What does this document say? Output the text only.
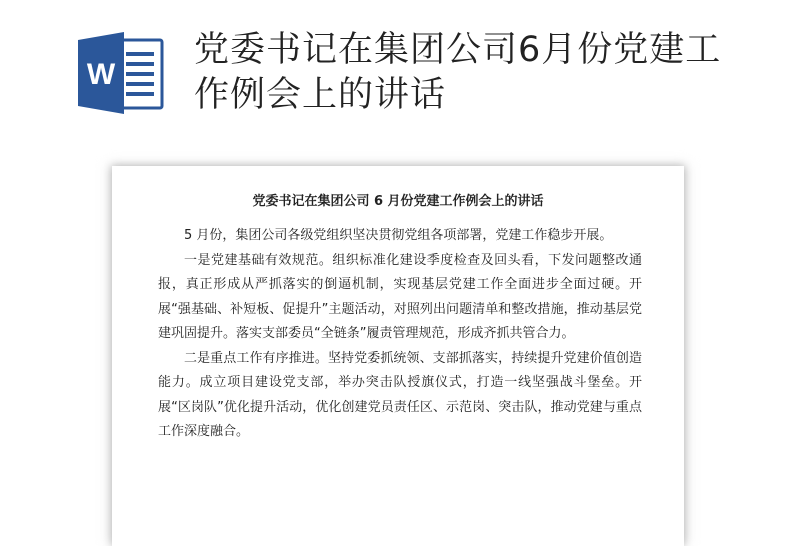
W
党委书记在集团公司6月份党建工作例会上的讲话
党委书记在集团公司 6 月份党建工作例会上的讲话

5 月份，集团公司各级党组织坚决贯彻党组各项部署，党建工作稳步开展。

一是党建基础有效规范。组织标准化建设季度检查及回头看，下发问题整改通报，真正形成从严抓落实的倒逼机制，实现基层党建工作全面进步全面过硬。开展“强基础、补短板、促提升”主题活动，对照列出问题清单和整改措施，推动基层党建巩固提升。落实支部委员“全链条”履责管理规范，形成齐抓共管合力。

二是重点工作有序推进。坚持党委抓统领、支部抓落实，持续提升党建价值创造能力。成立项目建设党支部，举办突击队授旗仪式，打造一线坚强战斗堡垒。开展“区岗队”优化提升活动，优化创建党员责任区、示范岗、突击队，推动党建与重点工作深度融合。
